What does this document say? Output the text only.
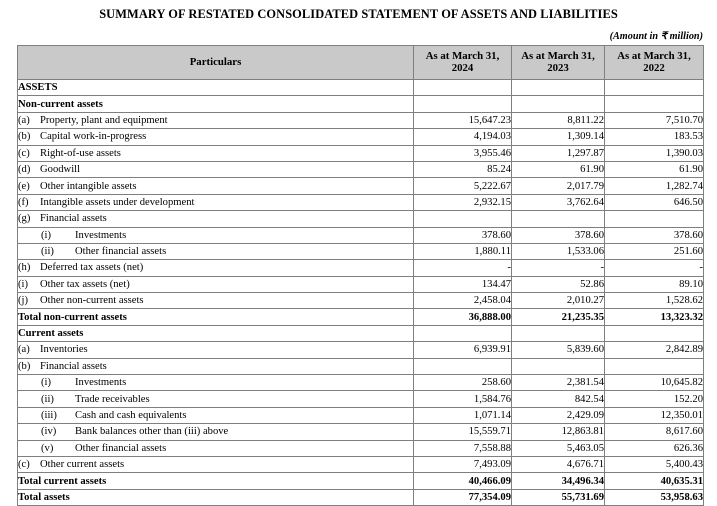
SUMMARY OF RESTATED CONSOLIDATED STATEMENT OF ASSETS AND LIABILITIES
(Amount in ₹ million)
Particulars	As at March 31, 2024	As at March 31, 2023	As at March 31, 2022
ASSETS			
Non-current assets			
(a) Property, plant and equipment	15,647.23	8,811.22	7,510.70
(b) Capital work-in-progress	4,194.03	1,309.14	183.53
(c) Right-of-use assets	3,955.46	1,297.87	1,390.03
(d) Goodwill	85.24	61.90	61.90
(e) Other intangible assets	5,222.67	2,017.79	1,282.74
(f) Intangible assets under development	2,932.15	3,762.64	646.50
(g) Financial assets			
(i) Investments	378.60	378.60	378.60
(ii) Other financial assets	1,880.11	1,533.06	251.60
(h) Deferred tax assets (net)	-	-	-
(i) Other tax assets (net)	134.47	52.86	89.10
(j) Other non-current assets	2,458.04	2,010.27	1,528.62
Total non-current assets	36,888.00	21,235.35	13,323.32
Current assets			
(a) Inventories	6,939.91	5,839.60	2,842.89
(b) Financial assets			
(i) Investments	258.60	2,381.54	10,645.82
(ii) Trade receivables	1,584.76	842.54	152.20
(iii) Cash and cash equivalents	1,071.14	2,429.09	12,350.01
(iv) Bank balances other than (iii) above	15,559.71	12,863.81	8,617.60
(v) Other financial assets	7,558.88	5,463.05	626.36
(c) Other current assets	7,493.09	4,676.71	5,400.43
Total current assets	40,466.09	34,496.34	40,635.31
Total assets	77,354.09	55,731.69	53,958.63
